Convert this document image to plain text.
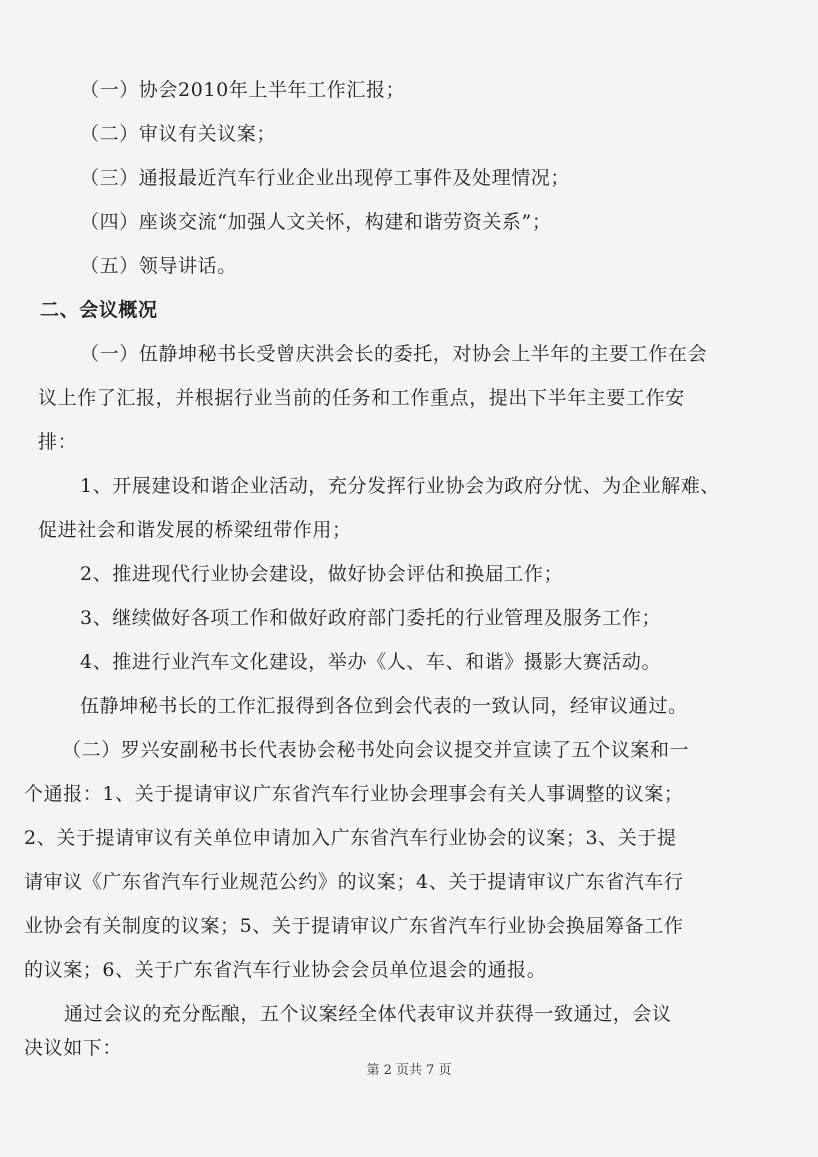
（一）协会2010年上半年工作汇报；
（二）审议有关议案；
（三）通报最近汽车行业企业出现停工事件及处理情况；
（四）座谈交流“加强人文关怀，构建和谐劳资关系”；
（五）领导讲话。
二、会议概况
（一）伍静坤秘书长受曾庆洪会长的委托，对协会上半年的主要工作在会
议上作了汇报，并根据行业当前的任务和工作重点，提出下半年主要工作安
排：
1、开展建设和谐企业活动，充分发挥行业协会为政府分忧、为企业解难、
促进社会和谐发展的桥梁纽带作用；
2、推进现代行业协会建设，做好协会评估和换届工作；
3、继续做好各项工作和做好政府部门委托的行业管理及服务工作；
4、推进行业汽车文化建设，举办《人、车、和谐》摄影大赛活动。
伍静坤秘书长的工作汇报得到各位到会代表的一致认同，经审议通过。
（二）罗兴安副秘书长代表协会秘书处向会议提交并宣读了五个议案和一
个通报：1、关于提请审议广东省汽车行业协会理事会有关人事调整的议案；
2、关于提请审议有关单位申请加入广东省汽车行业协会的议案；3、关于提
请审议《广东省汽车行业规范公约》的议案；4、关于提请审议广东省汽车行
业协会有关制度的议案；5、关于提请审议广东省汽车行业协会换届筹备工作
的议案；6、关于广东省汽车行业协会会员单位退会的通报。
通过会议的充分酝酿，五个议案经全体代表审议并获得一致通过，会议
决议如下：
第 2 页共 7 页
